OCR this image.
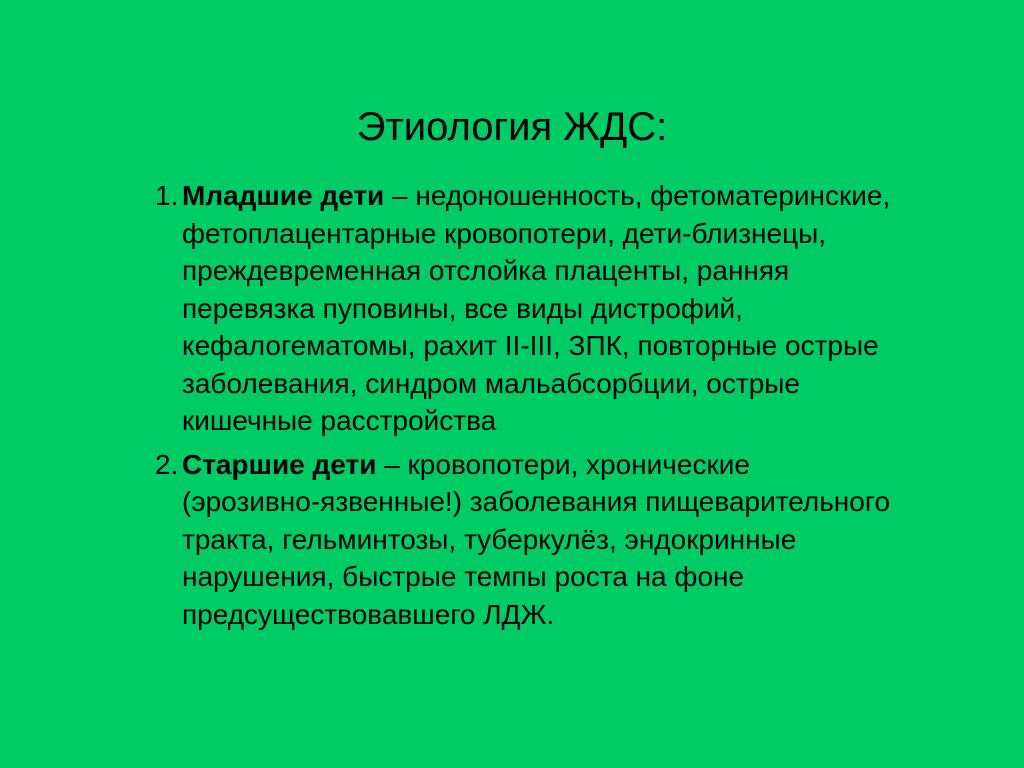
Этиология ЖДС:
1. Младшие дети – недоношенность, фетоматеринские, фетоплацентарные кровопотери, дети-близнецы, преждевременная отслойка плаценты, ранняя перевязка пуповины, все виды дистрофий, кефалогематомы, рахит II-III, ЗПК, повторные острые заболевания, синдром мальабсорбции, острые кишечные расстройства
2. Старшие дети – кровопотери, хронические (эрозивно-язвенные!) заболевания пищеварительного тракта, гельминтозы, туберкулёз, эндокринные нарушения, быстрые темпы роста на фоне предсуществовавшего ЛДЖ.
